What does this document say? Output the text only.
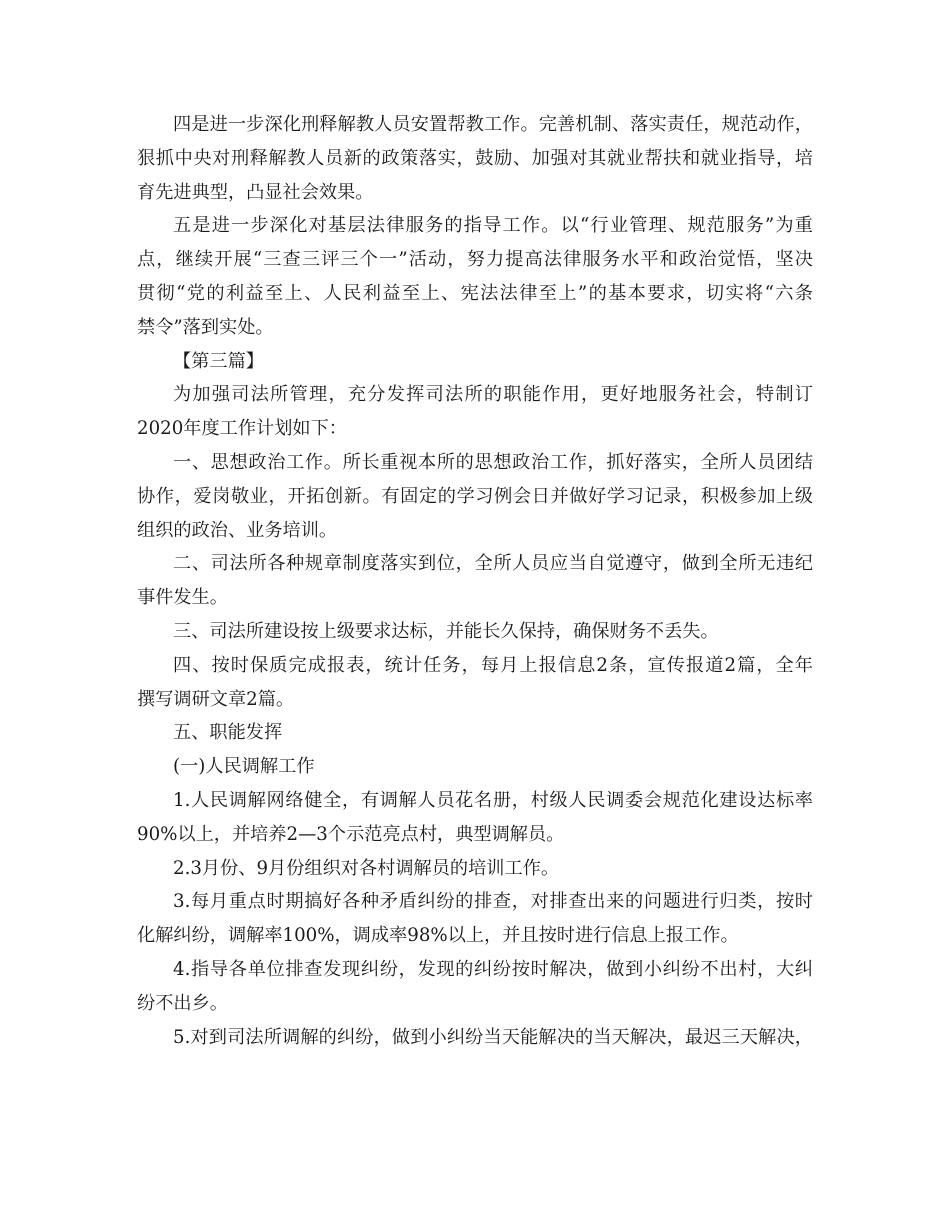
四是进一步深化刑释解教人员安置帮教工作。完善机制、落实责任，规范动作，
狠抓中央对刑释解教人员新的政策落实，鼓励、加强对其就业帮扶和就业指导，培
育先进典型，凸显社会效果。
五是进一步深化对基层法律服务的指导工作。以“行业管理、规范服务”为重
点，继续开展“三查三评三个一”活动，努力提高法律服务水平和政治觉悟，坚决
贯彻“党的利益至上、人民利益至上、宪法法律至上”的基本要求，切实将“六条
禁令”落到实处。
【第三篇】
为加强司法所管理，充分发挥司法所的职能作用，更好地服务社会，特制订
2020年度工作计划如下：
一、思想政治工作。所长重视本所的思想政治工作，抓好落实，全所人员团结
协作，爱岗敬业，开拓创新。有固定的学习例会日并做好学习记录，积极参加上级
组织的政治、业务培训。
二、司法所各种规章制度落实到位，全所人员应当自觉遵守，做到全所无违纪
事件发生。
三、司法所建设按上级要求达标，并能长久保持，确保财务不丢失。
四、按时保质完成报表，统计任务，每月上报信息2条，宣传报道2篇，全年
撰写调研文章2篇。
五、职能发挥
(一)人民调解工作
1.人民调解网络健全，有调解人员花名册，村级人民调委会规范化建设达标率
90%以上，并培养2—3个示范亮点村，典型调解员。
2.3月份、9月份组织对各村调解员的培训工作。
3.每月重点时期搞好各种矛盾纠纷的排查，对排查出来的问题进行归类，按时
化解纠纷，调解率100%，调成率98%以上，并且按时进行信息上报工作。
4.指导各单位排查发现纠纷，发现的纠纷按时解决，做到小纠纷不出村，大纠
纷不出乡。
5.对到司法所调解的纠纷，做到小纠纷当天能解决的当天解决，最迟三天解决，
